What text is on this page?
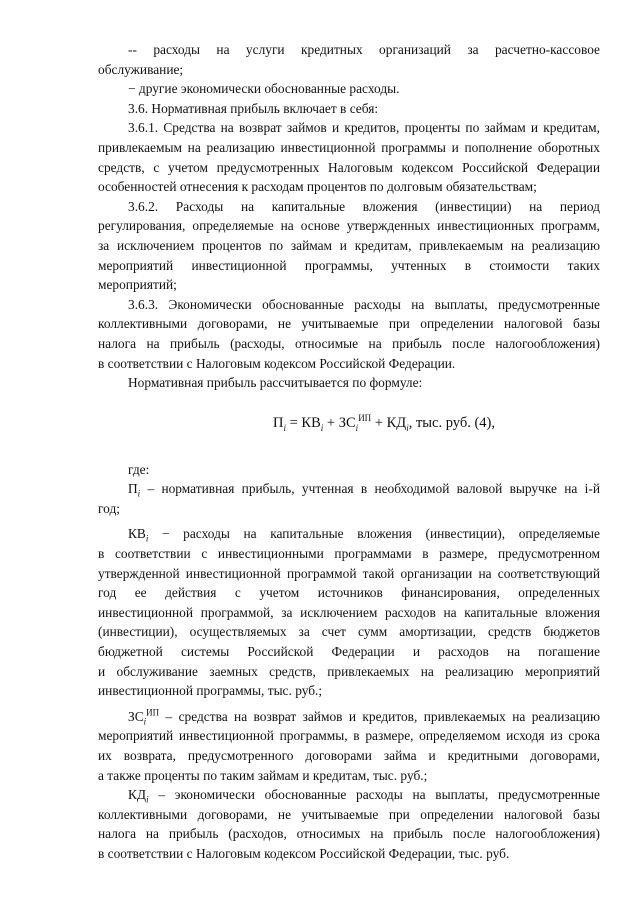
-- расходы на услуги кредитных организаций за расчетно-кассовое
обслуживание;
− другие экономически обоснованные расходы.
3.6. Нормативная прибыль включает в себя:
3.6.1. Средства на возврат займов и кредитов, проценты по займам и кредитам,
привлекаемым на реализацию инвестиционной программы и пополнение оборотных
средств, с учетом предусмотренных Налоговым кодексом Российской Федерации
особенностей отнесения к расходам процентов по долговым обязательствам;
3.6.2. Расходы на капитальные вложения (инвестиции) на период
регулирования, определяемые на основе утвержденных инвестиционных программ,
за исключением процентов по займам и кредитам, привлекаемым на реализацию
мероприятий инвестиционной программы, учтенных в стоимости таких
мероприятий;
3.6.3. Экономически обоснованные расходы на выплаты, предусмотренные
коллективными договорами, не учитываемые при определении налоговой базы
налога на прибыль (расходы, относимые на прибыль после налогообложения)
в соответствии с Налоговым кодексом Российской Федерации.
Нормативная прибыль рассчитывается по формуле:
$П_i = КВ_i + ЗС_i^{ИП} + КД_i$, тыс. руб. (4),
где:
$П_i$ – нормативная прибыль, учтенная в необходимой валовой выручке на i-й
год;
$КВ_i$ − расходы на капитальные вложения (инвестиции), определяемые
в соответствии с инвестиционными программами в размере, предусмотренном
утвержденной инвестиционной программой такой организации на соответствующий
год ее действия с учетом источников финансирования, определенных
инвестиционной программой, за исключением расходов на капитальные вложения
(инвестиции), осуществляемых за счет сумм амортизации, средств бюджетов
бюджетной системы Российской Федерации и расходов на погашение
и обслуживание заемных средств, привлекаемых на реализацию мероприятий
инвестиционной программы, тыс. руб.;
$ЗС_i^{ИП}$ – средства на возврат займов и кредитов, привлекаемых на реализацию
мероприятий инвестиционной программы, в размере, определяемом исходя из срока
их возврата, предусмотренного договорами займа и кредитными договорами,
а также проценты по таким займам и кредитам, тыс. руб.;
$КД_i$ – экономически обоснованные расходы на выплаты, предусмотренные
коллективными договорами, не учитываемые при определении налоговой базы
налога на прибыль (расходов, относимых на прибыль после налогообложения)
в соответствии с Налоговым кодексом Российской Федерации, тыс. руб.
